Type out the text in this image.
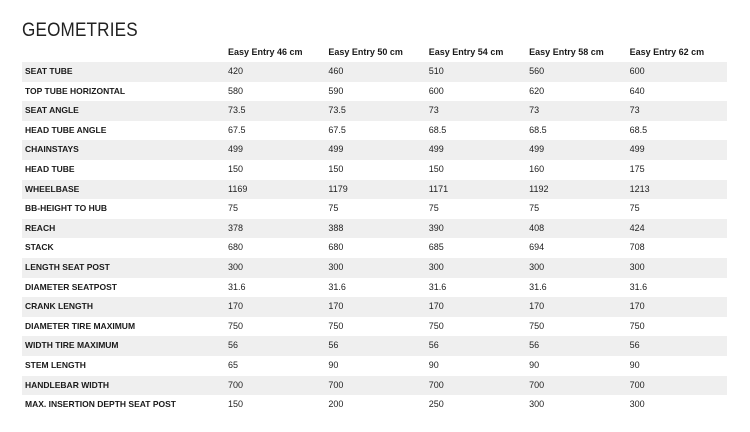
GEOMETRIES
	Easy Entry 46 cm	Easy Entry 50 cm	Easy Entry 54 cm	Easy Entry 58 cm	Easy Entry 62 cm
SEAT TUBE	420	460	510	560	600
TOP TUBE HORIZONTAL	580	590	600	620	640
SEAT ANGLE	73.5	73.5	73	73	73
HEAD TUBE ANGLE	67.5	67.5	68.5	68.5	68.5
CHAINSTAYS	499	499	499	499	499
HEAD TUBE	150	150	150	160	175
WHEELBASE	1169	1179	1171	1192	1213
BB-HEIGHT TO HUB	75	75	75	75	75
REACH	378	388	390	408	424
STACK	680	680	685	694	708
LENGTH SEAT POST	300	300	300	300	300
DIAMETER SEATPOST	31.6	31.6	31.6	31.6	31.6
CRANK LENGTH	170	170	170	170	170
DIAMETER TIRE MAXIMUM	750	750	750	750	750
WIDTH TIRE MAXIMUM	56	56	56	56	56
STEM LENGTH	65	90	90	90	90
HANDLEBAR WIDTH	700	700	700	700	700
MAX. INSERTION DEPTH SEAT POST	150	200	250	300	300
